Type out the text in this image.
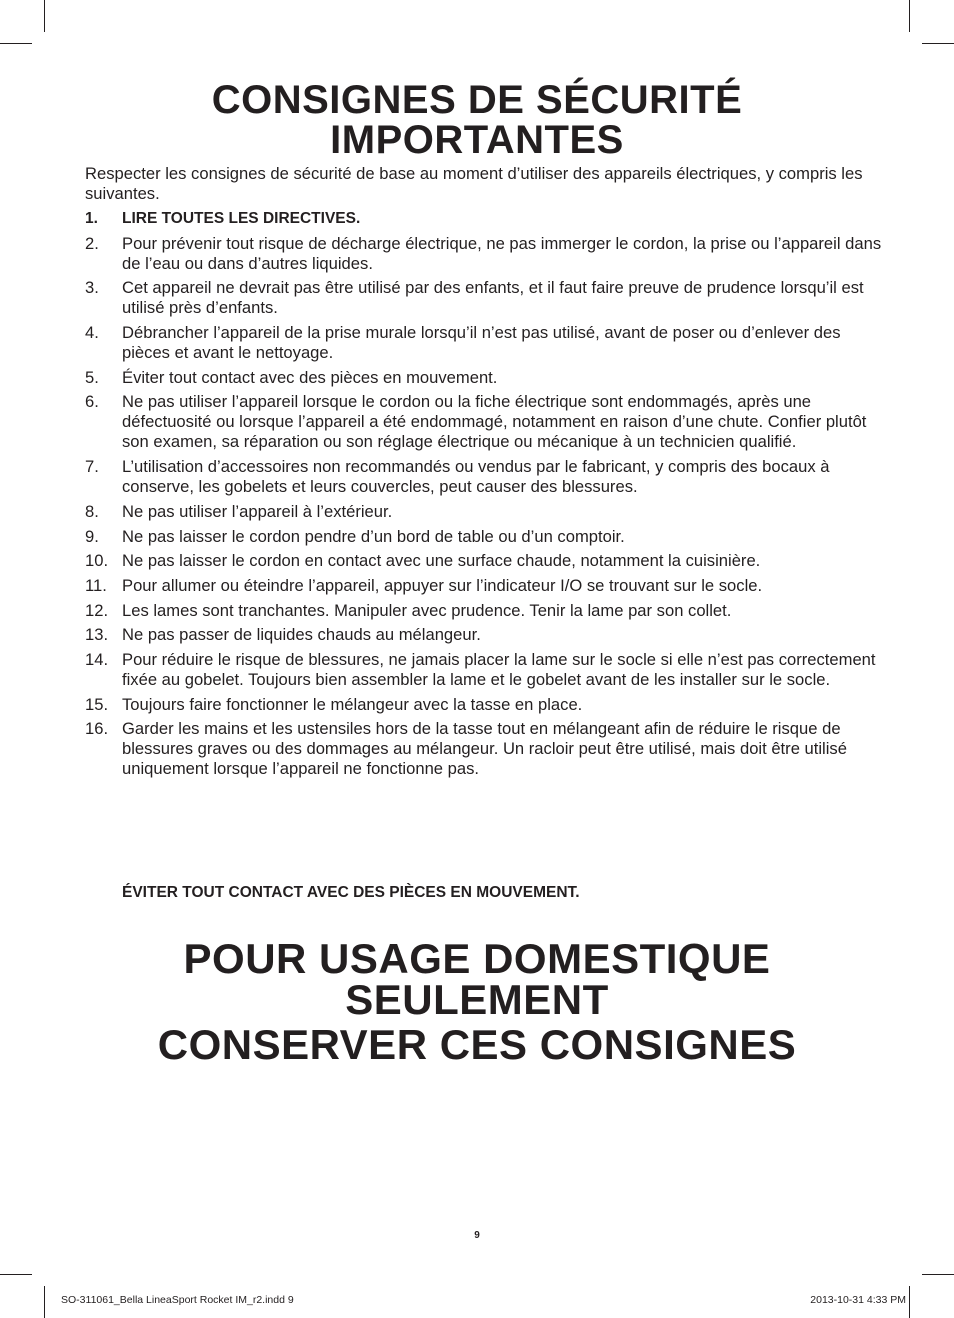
CONSIGNES DE SÉCURITÉ
IMPORTANTES

Respecter les consignes de sécurité de base au moment d’utiliser des appareils électriques, y compris les suivantes.

1. LIRE TOUTES LES DIRECTIVES.
2. Pour prévenir tout risque de décharge électrique, ne pas immerger le cordon, la prise ou l’appareil dans de l’eau ou dans d’autres liquides.
3. Cet appareil ne devrait pas être utilisé par des enfants, et il faut faire preuve de prudence lorsqu’il est utilisé près d’enfants.
4. Débrancher l’appareil de la prise murale lorsqu’il n’est pas utilisé, avant de poser ou d’enlever des pièces et avant le nettoyage.
5. Éviter tout contact avec des pièces en mouvement.
6. Ne pas utiliser l’appareil lorsque le cordon ou la fiche électrique sont endommagés, après une défectuosité ou lorsque l’appareil a été endommagé, notamment en raison d’une chute. Confier plutôt son examen, sa réparation ou son réglage électrique ou mécanique à un technicien qualifié.
7. L’utilisation d’accessoires non recommandés ou vendus par le fabricant, y compris des bocaux à conserve, les gobelets et leurs couvercles, peut causer des blessures.
8. Ne pas utiliser l’appareil à l’extérieur.
9. Ne pas laisser le cordon pendre d’un bord de table ou d’un comptoir.
10. Ne pas laisser le cordon en contact avec une surface chaude, notamment la cuisinière.
11. Pour allumer ou éteindre l’appareil, appuyer sur l’indicateur I/O se trouvant sur le socle.
12. Les lames sont tranchantes. Manipuler avec prudence. Tenir la lame par son collet.
13. Ne pas passer de liquides chauds au mélangeur.
14. Pour réduire le risque de blessures, ne jamais placer la lame sur le socle si elle n’est pas correctement fixée au gobelet. Toujours bien assembler la lame et le gobelet avant de les installer sur le socle.
15. Toujours faire fonctionner le mélangeur avec la tasse en place.
16. Garder les mains et les ustensiles hors de la tasse tout en mélangeant afin de réduire le risque de blessures graves ou des dommages au mélangeur. Un racloir peut être utilisé, mais doit être utilisé uniquement lorsque l’appareil ne fonctionne pas.

ÉVITER TOUT CONTACT AVEC DES PIÈCES EN MOUVEMENT.

POUR USAGE DOMESTIQUE
SEULEMENT
CONSERVER CES CONSIGNES
9
SO-311061_Bella LineaSport Rocket IM_r2.indd 9	2013-10-31 4:33 PM
